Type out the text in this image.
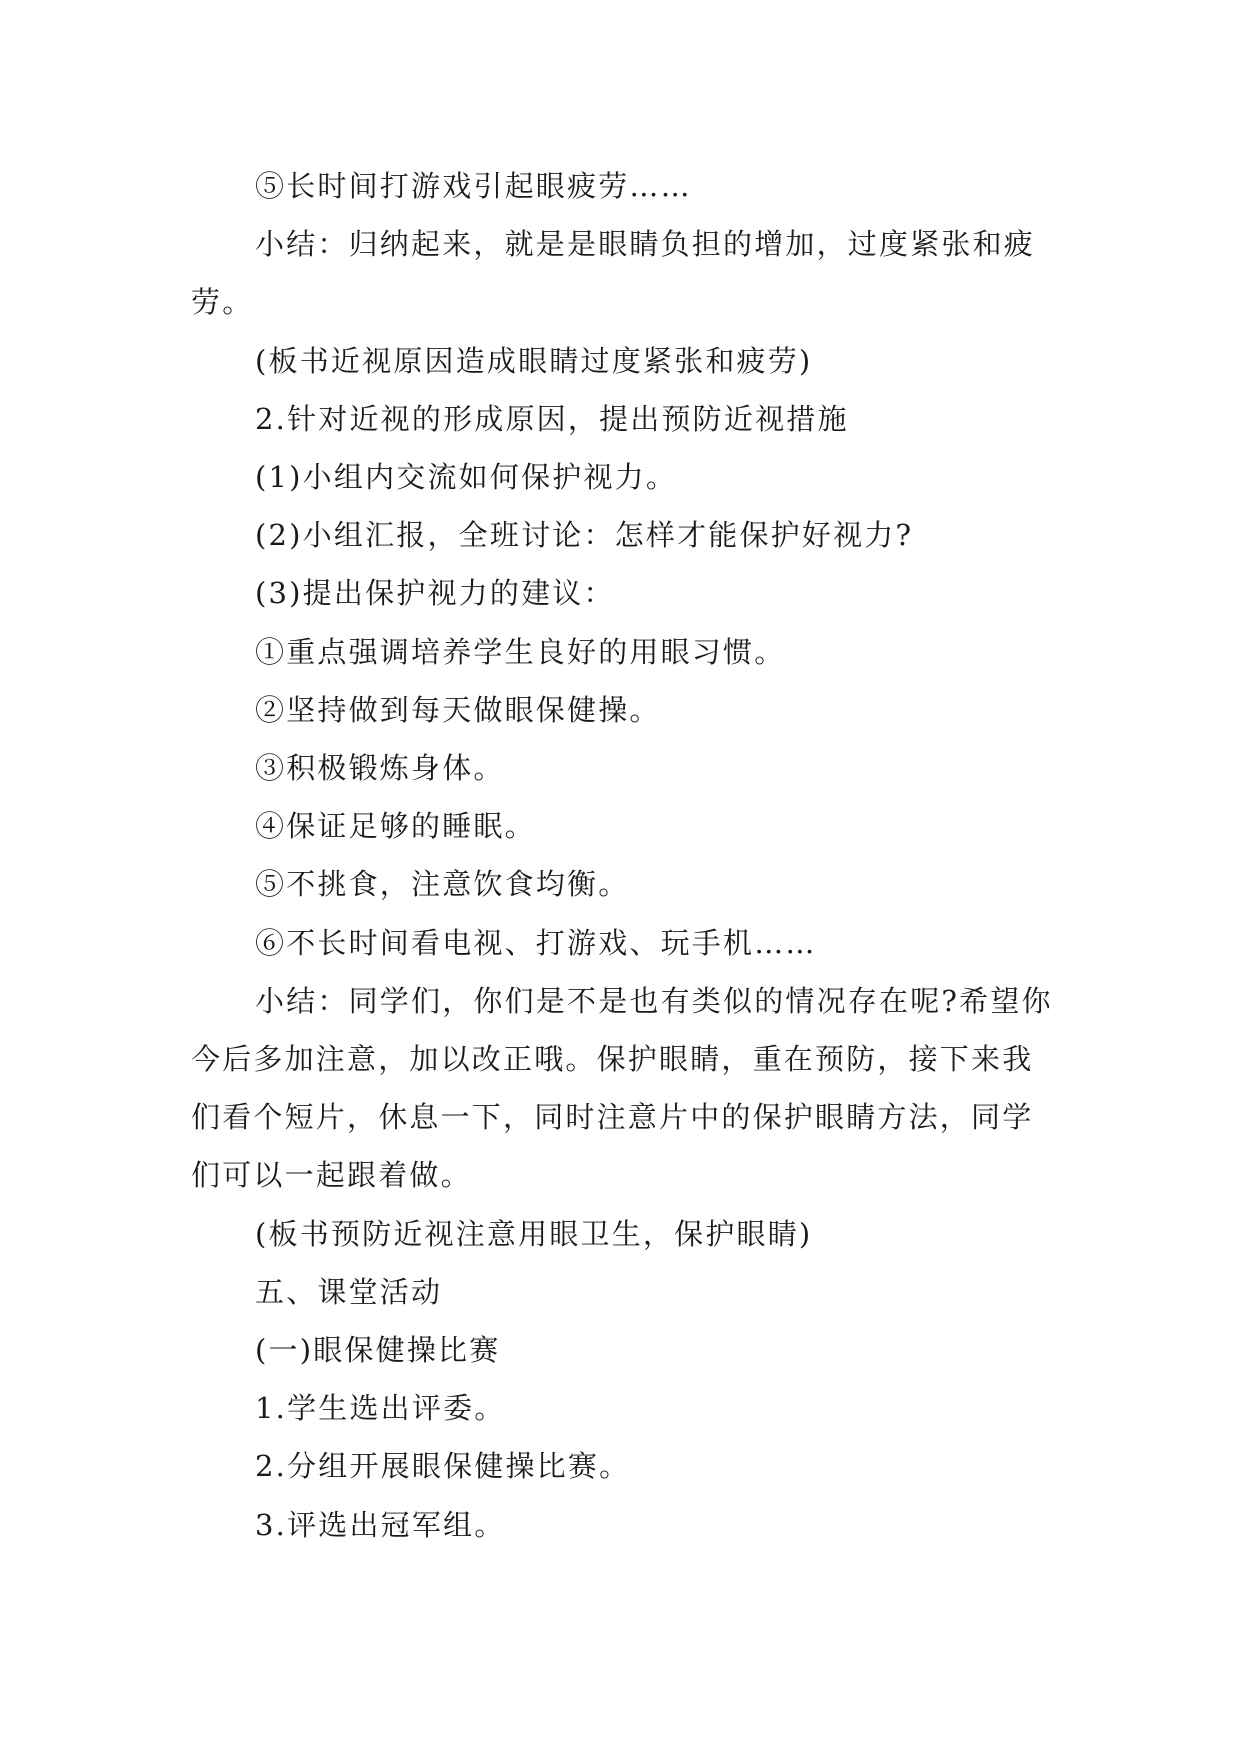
⑤长时间打游戏引起眼疲劳……

小结：归纳起来，就是是眼睛负担的增加，过度紧张和疲劳。

(板书近视原因造成眼睛过度紧张和疲劳)

2.针对近视的形成原因，提出预防近视措施

(1)小组内交流如何保护视力。

(2)小组汇报，全班讨论：怎样才能保护好视力?

(3)提出保护视力的建议：

①重点强调培养学生良好的用眼习惯。

②坚持做到每天做眼保健操。

③积极锻炼身体。

④保证足够的睡眠。

⑤不挑食，注意饮食均衡。

⑥不长时间看电视、打游戏、玩手机……

小结：同学们，你们是不是也有类似的情况存在呢?希望你今后多加注意，加以改正哦。保护眼睛，重在预防，接下来我们看个短片，休息一下，同时注意片中的保护眼睛方法，同学们可以一起跟着做。

(板书预防近视注意用眼卫生，保护眼睛)

五、课堂活动

(一)眼保健操比赛

1.学生选出评委。

2.分组开展眼保健操比赛。

3.评选出冠军组。
